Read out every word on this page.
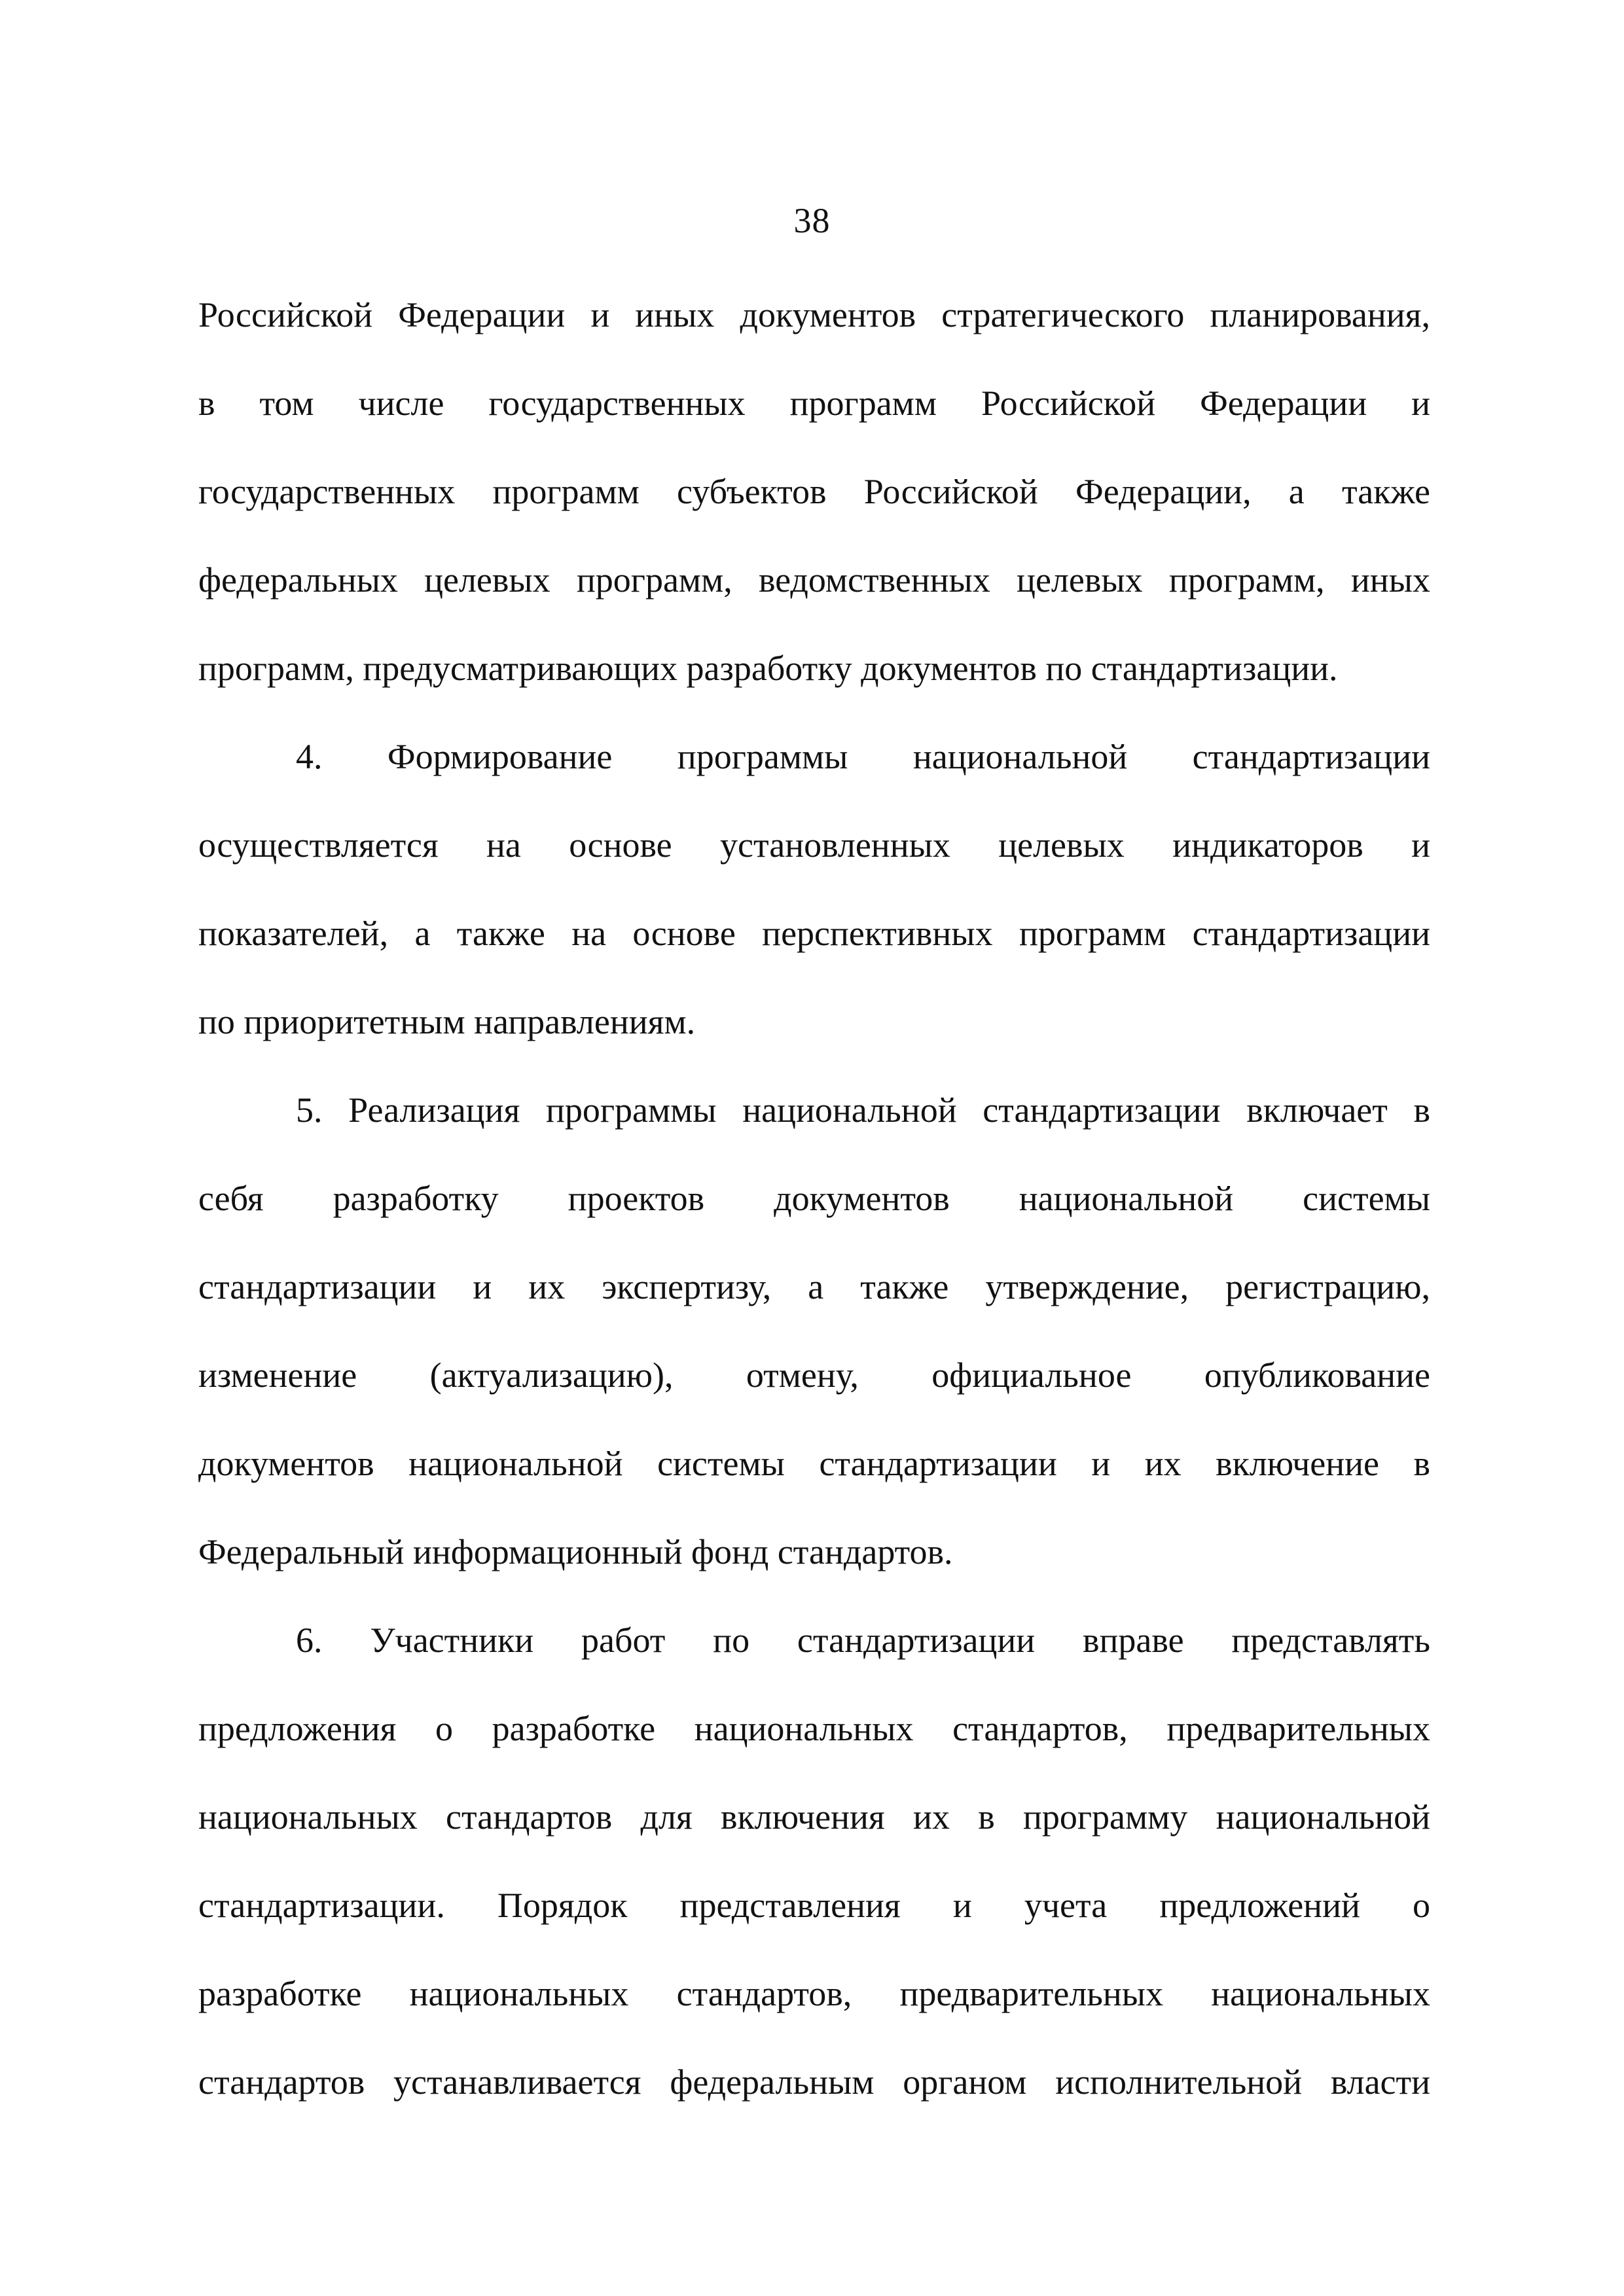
38
Российской Федерации и иных документов стратегического планирования,
в том числе государственных программ Российской Федерации и
государственных программ субъектов Российской Федерации, а также
федеральных целевых программ, ведомственных целевых программ, иных
программ, предусматривающих разработку документов по стандартизации.
4. Формирование программы национальной стандартизации
осуществляется на основе установленных целевых индикаторов и
показателей, а также на основе перспективных программ стандартизации
по приоритетным направлениям.
5. Реализация программы национальной стандартизации включает в
себя разработку проектов документов национальной системы
стандартизации и их экспертизу, а также утверждение, регистрацию,
изменение (актуализацию), отмену, официальное опубликование
документов национальной системы стандартизации и их включение в
Федеральный информационный фонд стандартов.
6. Участники работ по стандартизации вправе представлять
предложения о разработке национальных стандартов, предварительных
национальных стандартов для включения их в программу национальной
стандартизации. Порядок представления и учета предложений о
разработке национальных стандартов, предварительных национальных
стандартов устанавливается федеральным органом исполнительной власти
